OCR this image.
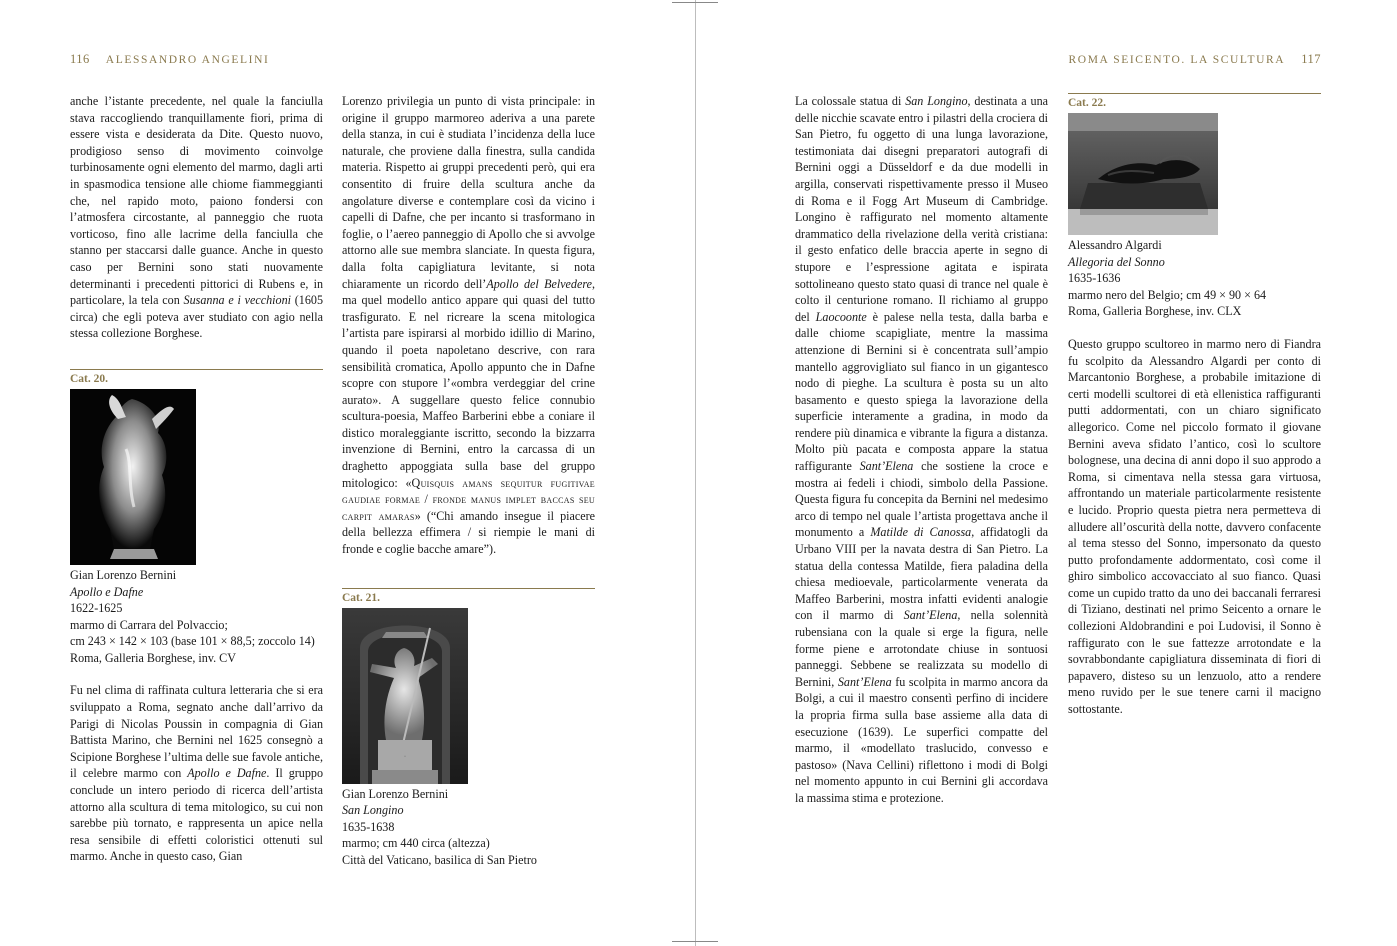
116 ALESSANDRO ANGELINI

anche l’istante precedente, nel quale la fanciulla stava raccogliendo tranquillamente fiori, prima di essere vista e desiderata da Dite. Questo nuovo, prodigioso senso di movimento coinvolge turbinosamente ogni elemento del marmo, dagli arti in spasmodica tensione alle chiome fiammeggianti che, nel rapido moto, paiono fondersi con l’atmosfera circostante, al panneggio che ruota vorticoso, fino alle lacrime della fanciulla che stanno per staccarsi dalle guance. Anche in questo caso per Bernini sono stati nuovamente determinanti i precedenti pittorici di Rubens e, in particolare, la tela con Susanna e i vecchioni (1605 circa) che egli poteva aver studiato con agio nella stessa collezione Borghese.

Cat. 20.
Gian Lorenzo Bernini
Apollo e Dafne
1622-1625
marmo di Carrara del Polvaccio;
cm 243 × 142 × 103 (base 101 × 88,5; zoccolo 14)
Roma, Galleria Borghese, inv. CV

Fu nel clima di raffinata cultura letteraria che si era sviluppato a Roma, segnato anche dall’arrivo da Parigi di Nicolas Poussin in compagnia di Gian Battista Marino, che Bernini nel 1625 consegnò a Scipione Borghese l’ultima delle sue favole antiche, il celebre marmo con Apollo e Dafne. Il gruppo conclude un intero periodo di ricerca dell’artista attorno alla scultura di tema mitologico, su cui non sarebbe più tornato, e rappresenta un apice nella resa sensibile di effetti coloristici ottenuti sul marmo. Anche in questo caso, Gian

Lorenzo privilegia un punto di vista principale: in origine il gruppo marmoreo aderiva a una parete della stanza, in cui è studiata l’incidenza della luce naturale, che proviene dalla finestra, sulla candida materia. Rispetto ai gruppi precedenti però, qui era consentito di fruire della scultura anche da angolature diverse e contemplare così da vicino i capelli di Dafne, che per incanto si trasformano in foglie, o l’aereo panneggio di Apollo che si avvolge attorno alle sue membra slanciate. In questa figura, dalla folta capigliatura levitante, si nota chiaramente un ricordo dell’Apollo del Belvedere, ma quel modello antico appare qui quasi del tutto trasfigurato. E nel ricreare la scena mitologica l’artista pare ispirarsi al morbido idillio di Marino, quando il poeta napoletano descrive, con rara sensibilità cromatica, Apollo appunto che in Dafne scopre con stupore l’«ombra verdeggiar del crine aurato». A suggellare questo felice connubio scultura-poesia, Maffeo Barberini ebbe a coniare il distico moraleggiante iscritto, secondo la bizzarra invenzione di Bernini, entro la carcassa di un draghetto appoggiata sulla base del gruppo mitologico: «Quisquis amans sequitur fugitivae gaudiae formae / fronde manus implet baccas seu carpit amaras» (“Chi amando insegue il piacere della bellezza effimera / si riempie le mani di fronde e coglie bacche amare”).

Cat. 21.
·
Gian Lorenzo Bernini
San Longino
1635-1638
marmo; cm 440 circa (altezza)
Città del Vaticano, basilica di San Pietro
ROMA SEICENTO. LA SCULTURA 117

La colossale statua di San Longino, destinata a una delle nicchie scavate entro i pilastri della crociera di San Pietro, fu oggetto di una lunga lavorazione, testimoniata dai disegni preparatori autografi di Bernini oggi a Düsseldorf e da due modelli in argilla, conservati rispettivamente presso il Museo di Roma e il Fogg Art Museum di Cambridge. Longino è raffigurato nel momento altamente drammatico della rivelazione della verità cristiana: il gesto enfatico delle braccia aperte in segno di stupore e l’espressione agitata e ispirata sottolineano questo stato quasi di trance nel quale è colto il centurione romano. Il richiamo al gruppo del Laocoonte è palese nella testa, dalla barba e dalle chiome scapigliate, mentre la massima attenzione di Bernini si è concentrata sull’ampio mantello aggrovigliato sul fianco in un gigantesco nodo di pieghe. La scultura è posta su un alto basamento e questo spiega la lavorazione della superficie interamente a gradina, in modo da rendere più dinamica e vibrante la figura a distanza. Molto più pacata e composta appare la statua raffigurante Sant’Elena che sostiene la croce e mostra ai fedeli i chiodi, simbolo della Passione. Questa figura fu concepita da Bernini nel medesimo arco di tempo nel quale l’artista progettava anche il monumento a Matilde di Canossa, affidatogli da Urbano VIII per la navata destra di San Pietro. La statua della contessa Matilde, fiera paladina della chiesa medioevale, particolarmente venerata da Maffeo Barberini, mostra infatti evidenti analogie con il marmo di Sant’Elena, nella solennità rubensiana con la quale si erge la figura, nelle forme piene e arrotondate chiuse in sontuosi panneggi. Sebbene se realizzata su modello di Bernini, Sant’Elena fu scolpita in marmo ancora da Bolgi, a cui il maestro consentì perfino di incidere la propria firma sulla base assieme alla data di esecuzione (1639). Le superfici compatte del marmo, il «modellato traslucido, convesso e pastoso» (Nava Cellini) riflettono i modi di Bolgi nel momento appunto in cui Bernini gli accordava la massima stima e protezione.

Cat. 22.
Alessandro Algardi
Allegoria del Sonno
1635-1636
marmo nero del Belgio; cm 49 × 90 × 64
Roma, Galleria Borghese, inv. CLX

Questo gruppo scultoreo in marmo nero di Fiandra fu scolpito da Alessandro Algardi per conto di Marcantonio Borghese, a probabile imitazione di certi modelli scultorei di età ellenistica raffiguranti putti addormentati, con un chiaro significato allegorico. Come nel piccolo formato il giovane Bernini aveva sfidato l’antico, così lo scultore bolognese, una decina di anni dopo il suo approdo a Roma, si cimentava nella stessa gara virtuosa, affrontando un materiale particolarmente resistente e lucido. Proprio questa pietra nera permetteva di alludere all’oscurità della notte, davvero confacente al tema stesso del Sonno, impersonato da questo putto profondamente addormentato, così come il ghiro simbolico accovacciato al suo fianco. Quasi come un cupido tratto da uno dei baccanali ferraresi di Tiziano, destinati nel primo Seicento a ornare le collezioni Aldobrandini e poi Ludovisi, il Sonno è raffigurato con le sue fattezze arrotondate e la sovrabbondante capigliatura disseminata di fiori di papavero, disteso su un lenzuolo, atto a rendere meno ruvido per le sue tenere carni il macigno sottostante.
